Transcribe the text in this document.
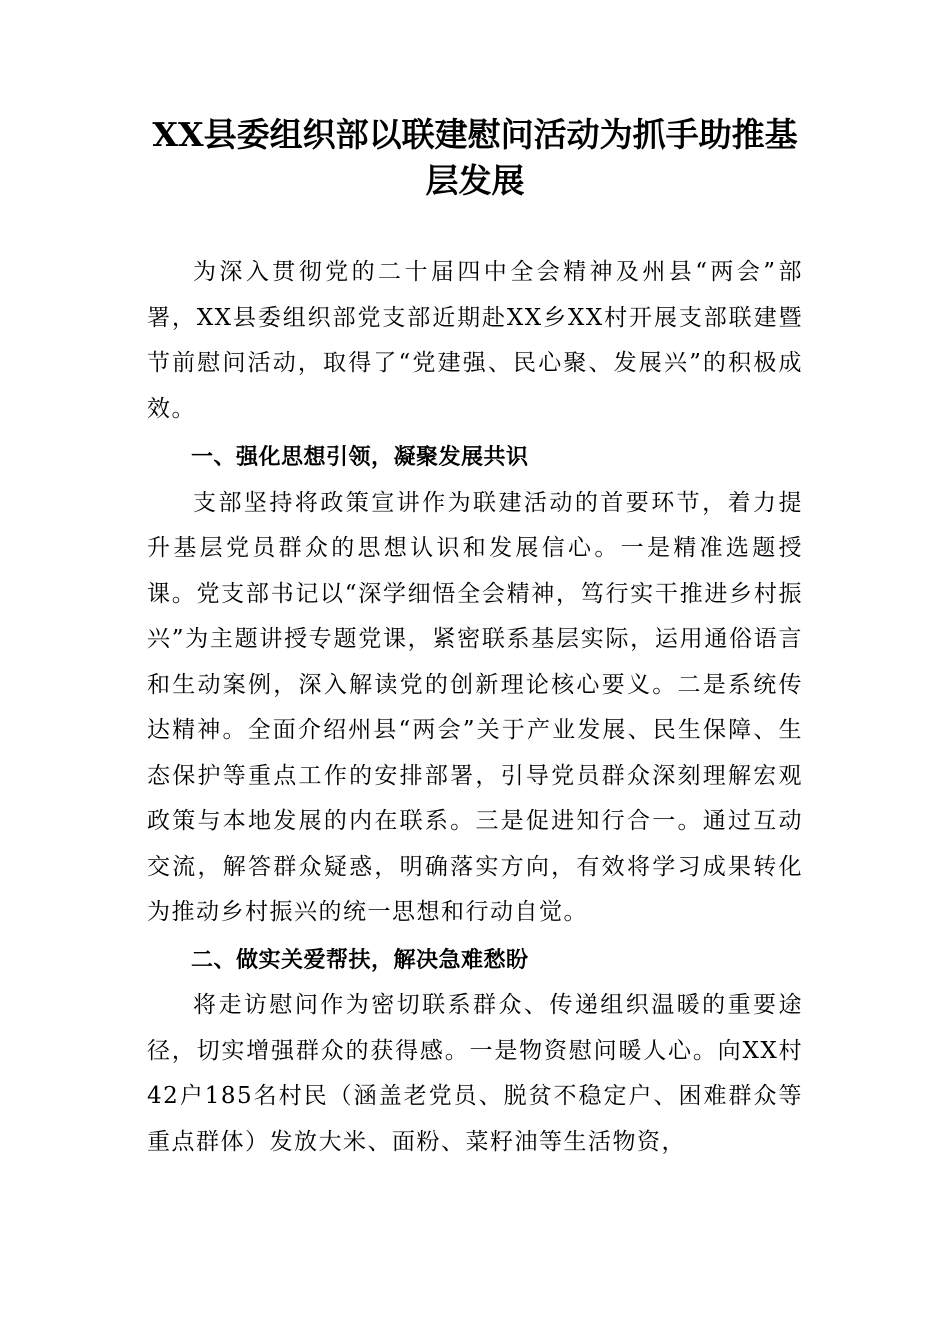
XX县委组织部以联建慰问活动为抓手助推基层发展

为深入贯彻党的二十届四中全会精神及州县“两会”部署，XX县委组织部党支部近期赴XX乡XX村开展支部联建暨节前慰问活动，取得了“党建强、民心聚、发展兴”的积极成效。

一、强化思想引领，凝聚发展共识

支部坚持将政策宣讲作为联建活动的首要环节，着力提升基层党员群众的思想认识和发展信心。一是精准选题授课。党支部书记以“深学细悟全会精神，笃行实干推进乡村振兴”为主题讲授专题党课，紧密联系基层实际，运用通俗语言和生动案例，深入解读党的创新理论核心要义。二是系统传达精神。全面介绍州县“两会”关于产业发展、民生保障、生态保护等重点工作的安排部署，引导党员群众深刻理解宏观政策与本地发展的内在联系。三是促进知行合一。通过互动交流，解答群众疑惑，明确落实方向，有效将学习成果转化为推动乡村振兴的统一思想和行动自觉。

二、做实关爱帮扶，解决急难愁盼

将走访慰问作为密切联系群众、传递组织温暖的重要途径，切实增强群众的获得感。一是物资慰问暖人心。向XX村42户185名村民（涵盖老党员、脱贫不稳定户、困难群众等重点群体）发放大米、面粉、菜籽油等生活物资，
